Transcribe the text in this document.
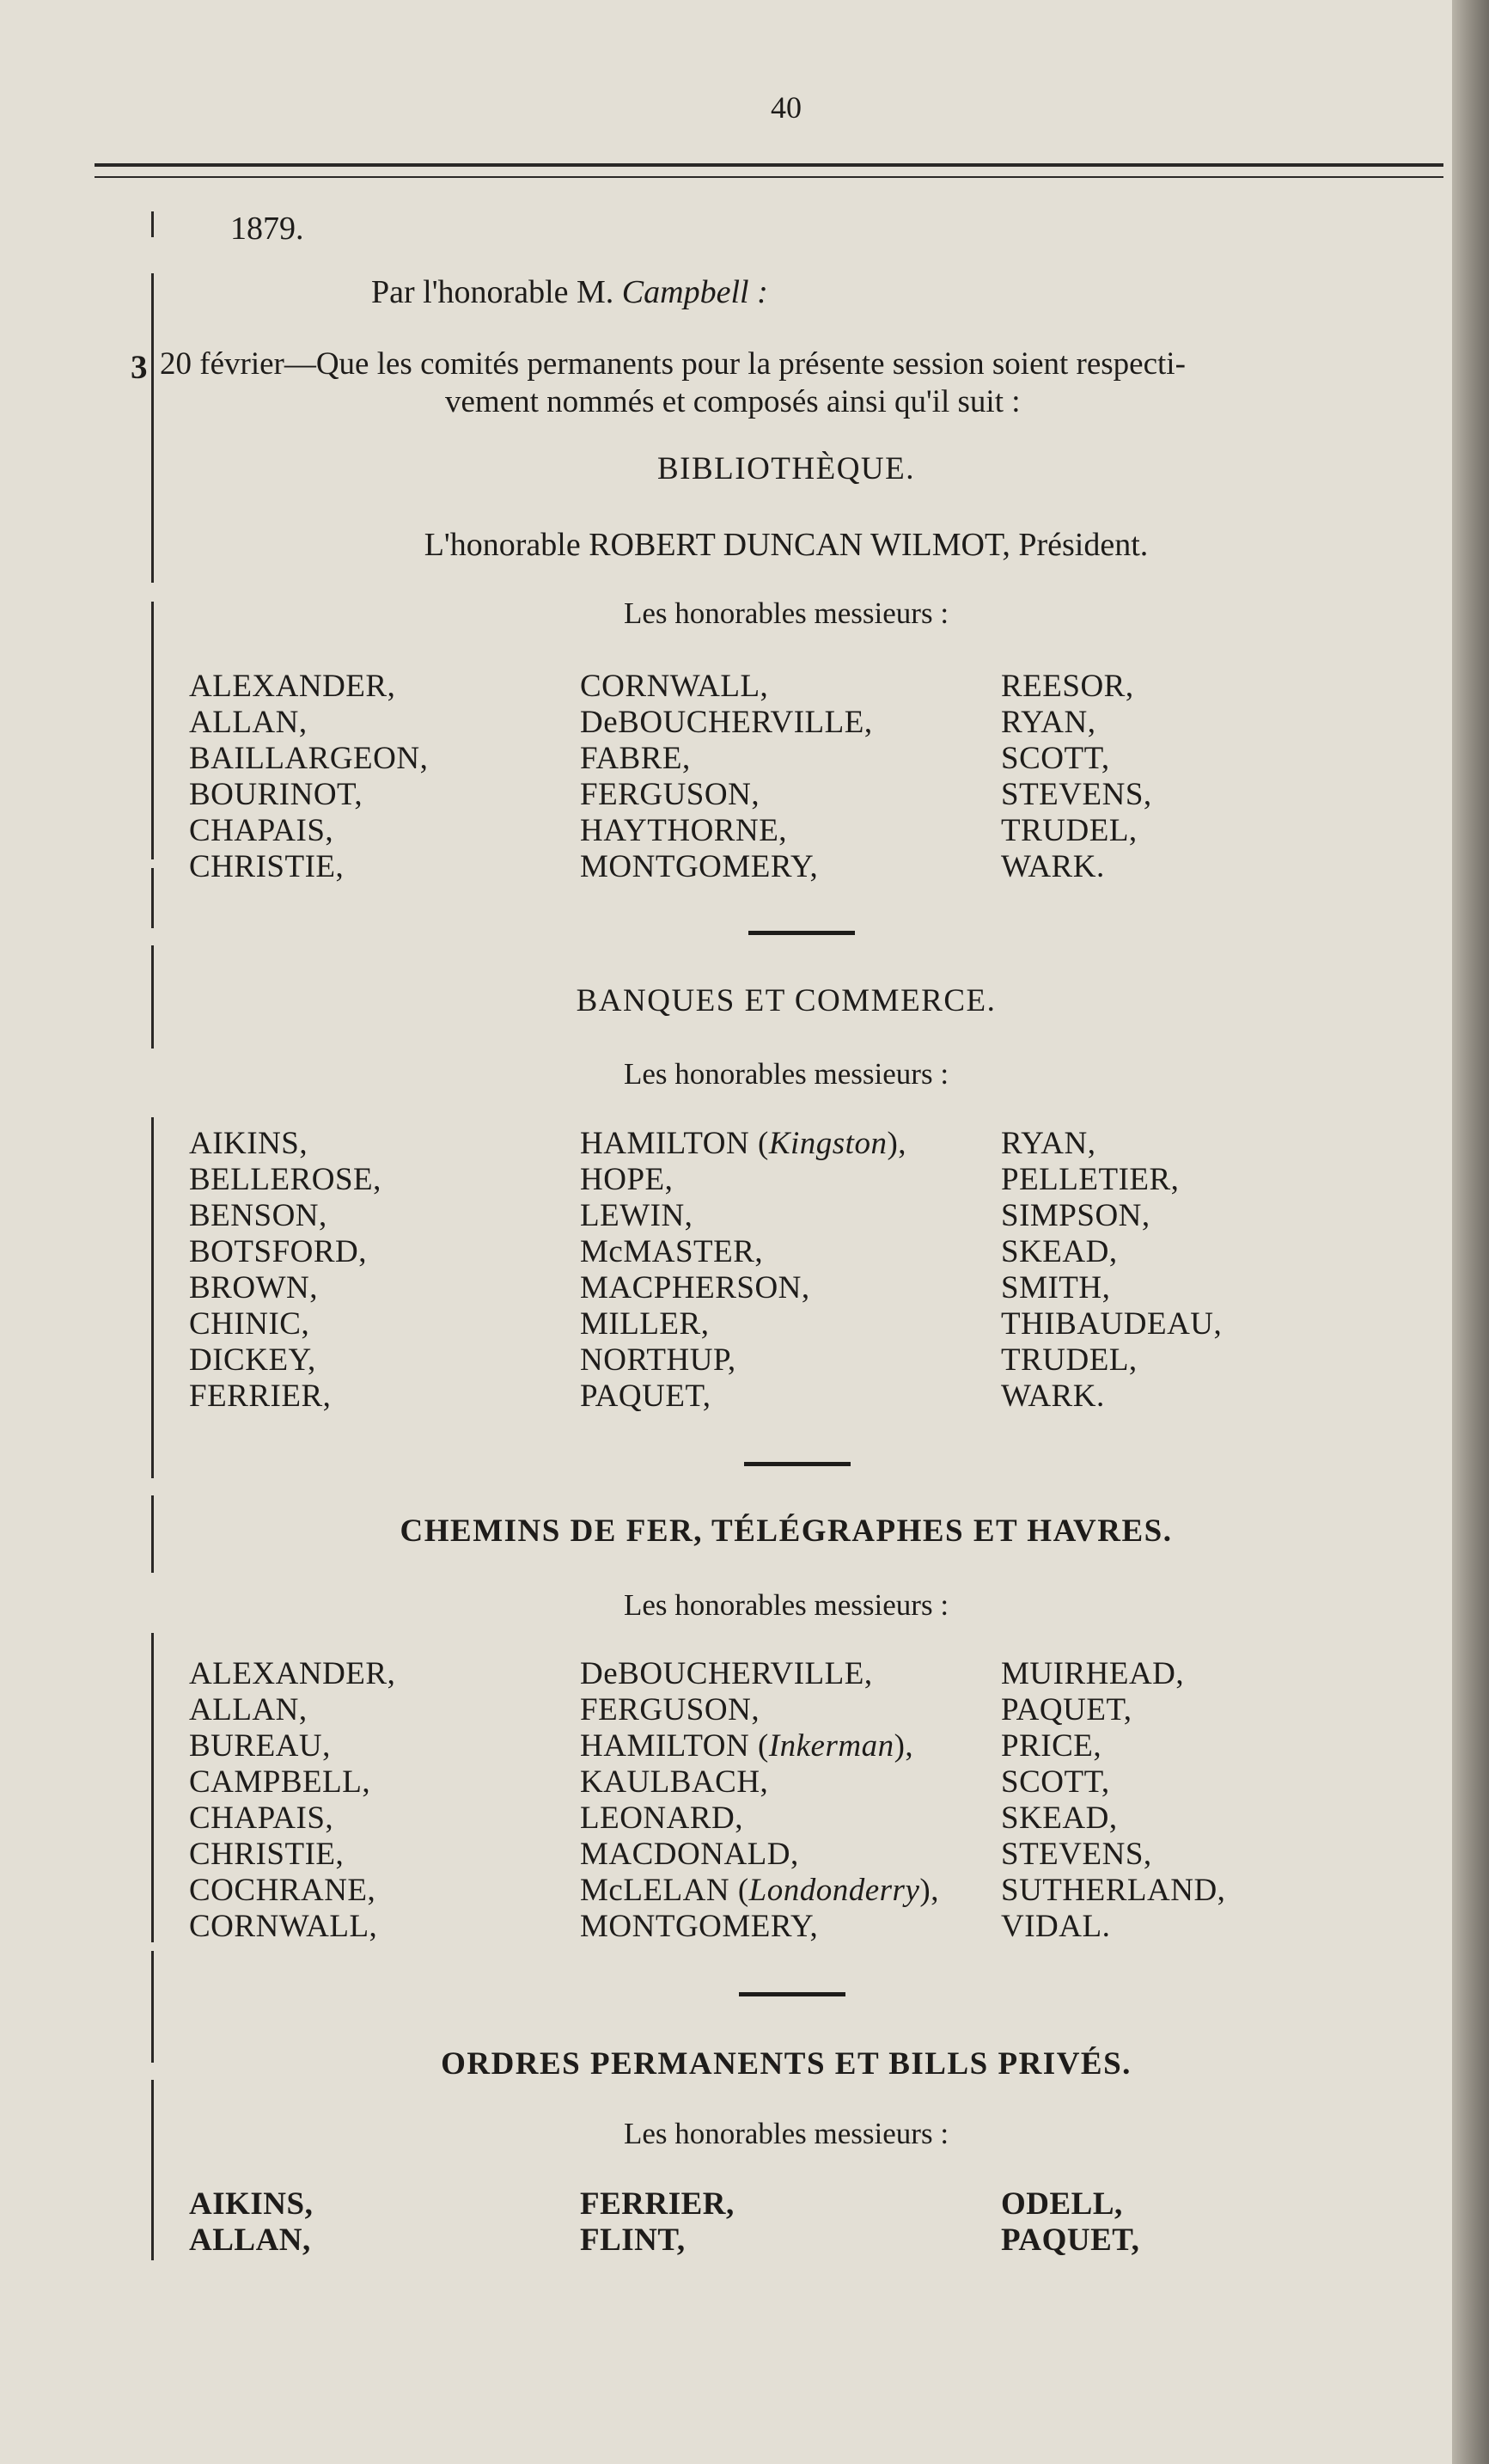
40
3
1879.
Par l'honorable M. Campbell :
20 février—Que les comités permanents pour la présente session soient respecti-
vement nommés et composés ainsi qu'il suit :
BIBLIOTHÈQUE.
L'honorable ROBERT DUNCAN WILMOT, Président.
Les honorables messieurs :
ALEXANDER,	CORNWALL,	REESOR,
ALLAN,	DeBOUCHERVILLE,	RYAN,
BAILLARGEON,	FABRE,	SCOTT,
BOURINOT,	FERGUSON,	STEVENS,
CHAPAIS,	HAYTHORNE,	TRUDEL,
CHRISTIE,	MONTGOMERY,	WARK.
BANQUES ET COMMERCE.
Les honorables messieurs :
AIKINS,	HAMILTON (Kingston),	RYAN,
BELLEROSE,	HOPE,	PELLETIER,
BENSON,	LEWIN,	SIMPSON,
BOTSFORD,	McMASTER,	SKEAD,
BROWN,	MACPHERSON,	SMITH,
CHINIC,	MILLER,	THIBAUDEAU,
DICKEY,	NORTHUP,	TRUDEL,
FERRIER,	PAQUET,	WARK.
CHEMINS DE FER, TÉLÉGRAPHES ET HAVRES.
Les honorables messieurs :
ALEXANDER,	DeBOUCHERVILLE,	MUIRHEAD,
ALLAN,	FERGUSON,	PAQUET,
BUREAU,	HAMILTON (Inkerman),	PRICE,
CAMPBELL,	KAULBACH,	SCOTT,
CHAPAIS,	LEONARD,	SKEAD,
CHRISTIE,	MACDONALD,	STEVENS,
COCHRANE,	McLELAN (Londonderry),	SUTHERLAND,
CORNWALL,	MONTGOMERY,	VIDAL.
ORDRES PERMANENTS ET BILLS PRIVÉS.
Les honorables messieurs :
AIKINS,	FERRIER,	ODELL,
ALLAN,	FLINT,	PAQUET,
